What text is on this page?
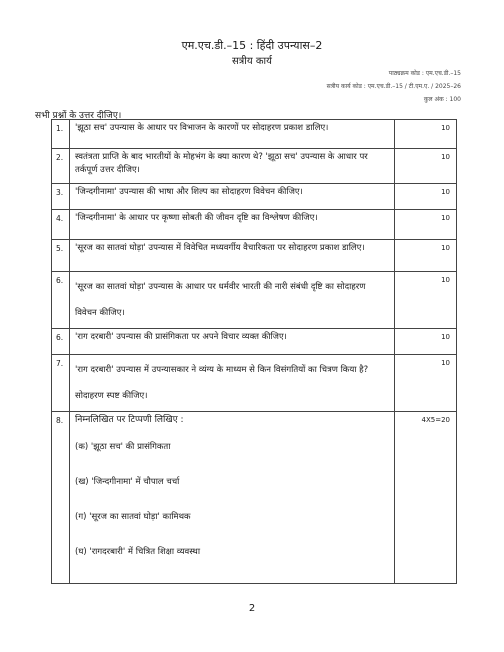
एम.एच.डी.–15 : हिंदी उपन्यास–2
सत्रीय कार्य
पाठ्यक्रम कोड : एम.एच.डी.–15
सत्रीय कार्य कोड : एम.एच.डी.–15 / टी.एम.ए. / 2025–26
कुल अंक : 100
सभी प्रश्नों के उत्तर दीजिए।
1.	'झूठा सच' उपन्यास के आधार पर विभाजन के कारणों पर सोदाहरण प्रकाश डालिए।	10
2.	स्वतंत्रता प्राप्ति के बाद भारतीयों के मोहभंग के क्या कारण थे? 'झूठा सच' उपन्यास के आधार पर तर्कपूर्ण उत्तर दीजिए।	10
3.	'जिन्दगीनामा' उपन्यास की भाषा और शिल्प का सोदाहरण विवेचन कीजिए।	10
4.	'जिन्दगीनामा' के आधार पर कृष्णा सोबती की जीवन दृष्टि का विश्लेषण कीजिए।	10
5.	'सूरज का सातवां घोड़ा' उपन्यास में विवेचित मध्यवर्गीय वैचारिकता पर सोदाहरण प्रकाश डालिए।	10
6.	'सूरज का सातवां घोड़ा' उपन्यास के आधार पर धर्मवीर भारती की नारी संबंधी दृष्टि का सोदाहरण विवेचन कीजिए।	10
6.	'राग दरबारी' उपन्यास की प्रासंगिकता पर अपने विचार व्यक्त कीजिए।	10
7.	'राग दरबारी' उपन्यास में उपन्यासकार ने व्यंग्य के माध्यम से किन विसंगतियों का चित्रण किया है? सोदाहरण स्पष्ट कीजिए।	10
8.	निम्नलिखित पर टिप्पणी लिखिए :
(क) 'झूठा सच' की प्रासंगिकता
(ख) 'जिन्दगीनामा' में चौपाल चर्चा
(ग) 'सूरज का सातवां घोड़ा' कामिथक
(घ) 'रागदरबारी' में चित्रित शिक्षा व्यवस्था	4X5=20
2
